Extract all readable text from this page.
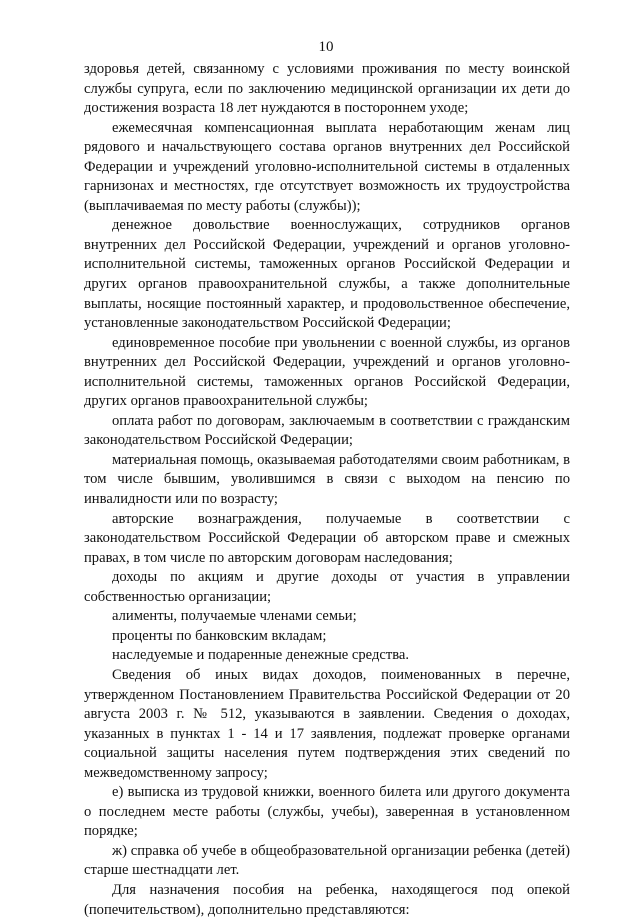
10

здоровья детей, связанному с условиями проживания по месту воинской службы супруга, если по заключению медицинской организации их дети до достижения возраста 18 лет нуждаются в постороннем уходе;

ежемесячная компенсационная выплата неработающим женам лиц рядового и начальствующего состава органов внутренних дел Российской Федерации и учреждений уголовно-исполнительной системы в отдаленных гарнизонах и местностях, где отсутствует возможность их трудоустройства (выплачиваемая по месту работы (службы));

денежное довольствие военнослужащих, сотрудников органов внутренних дел Российской Федерации, учреждений и органов уголовно-исполнительной системы, таможенных органов Российской Федерации и других органов правоохранительной службы, а также дополнительные выплаты, носящие постоянный характер, и продовольственное обеспечение, установленные законодательством Российской Федерации;

единовременное пособие при увольнении с военной службы, из органов внутренних дел Российской Федерации, учреждений и органов уголовно-исполнительной системы, таможенных органов Российской Федерации, других органов правоохранительной службы;

оплата работ по договорам, заключаемым в соответствии с гражданским законодательством Российской Федерации;

материальная помощь, оказываемая работодателями своим работникам, в том числе бывшим, уволившимся в связи с выходом на пенсию по инвалидности или по возрасту;

авторские вознаграждения, получаемые в соответствии с законодательством Российской Федерации об авторском праве и смежных правах, в том числе по авторским договорам наследования;

доходы по акциям и другие доходы от участия в управлении собственностью организации;

алименты, получаемые членами семьи;

проценты по банковским вкладам;

наследуемые и подаренные денежные средства.

Сведения об иных видах доходов, поименованных в перечне, утвержденном Постановлением Правительства Российской Федерации от 20 августа 2003 г. № 512, указываются в заявлении. Сведения о доходах, указанных в пунктах 1 - 14 и 17 заявления, подлежат проверке органами социальной защиты населения путем подтверждения этих сведений по межведомственному запросу;

е) выписка из трудовой книжки, военного билета или другого документа о последнем месте работы (службы, учебы), заверенная в установленном порядке;

ж) справка об учебе в общеобразовательной организации ребенка (детей) старше шестнадцати лет.

Для назначения пособия на ребенка, находящегося под опекой (попечительством), дополнительно представляются:
